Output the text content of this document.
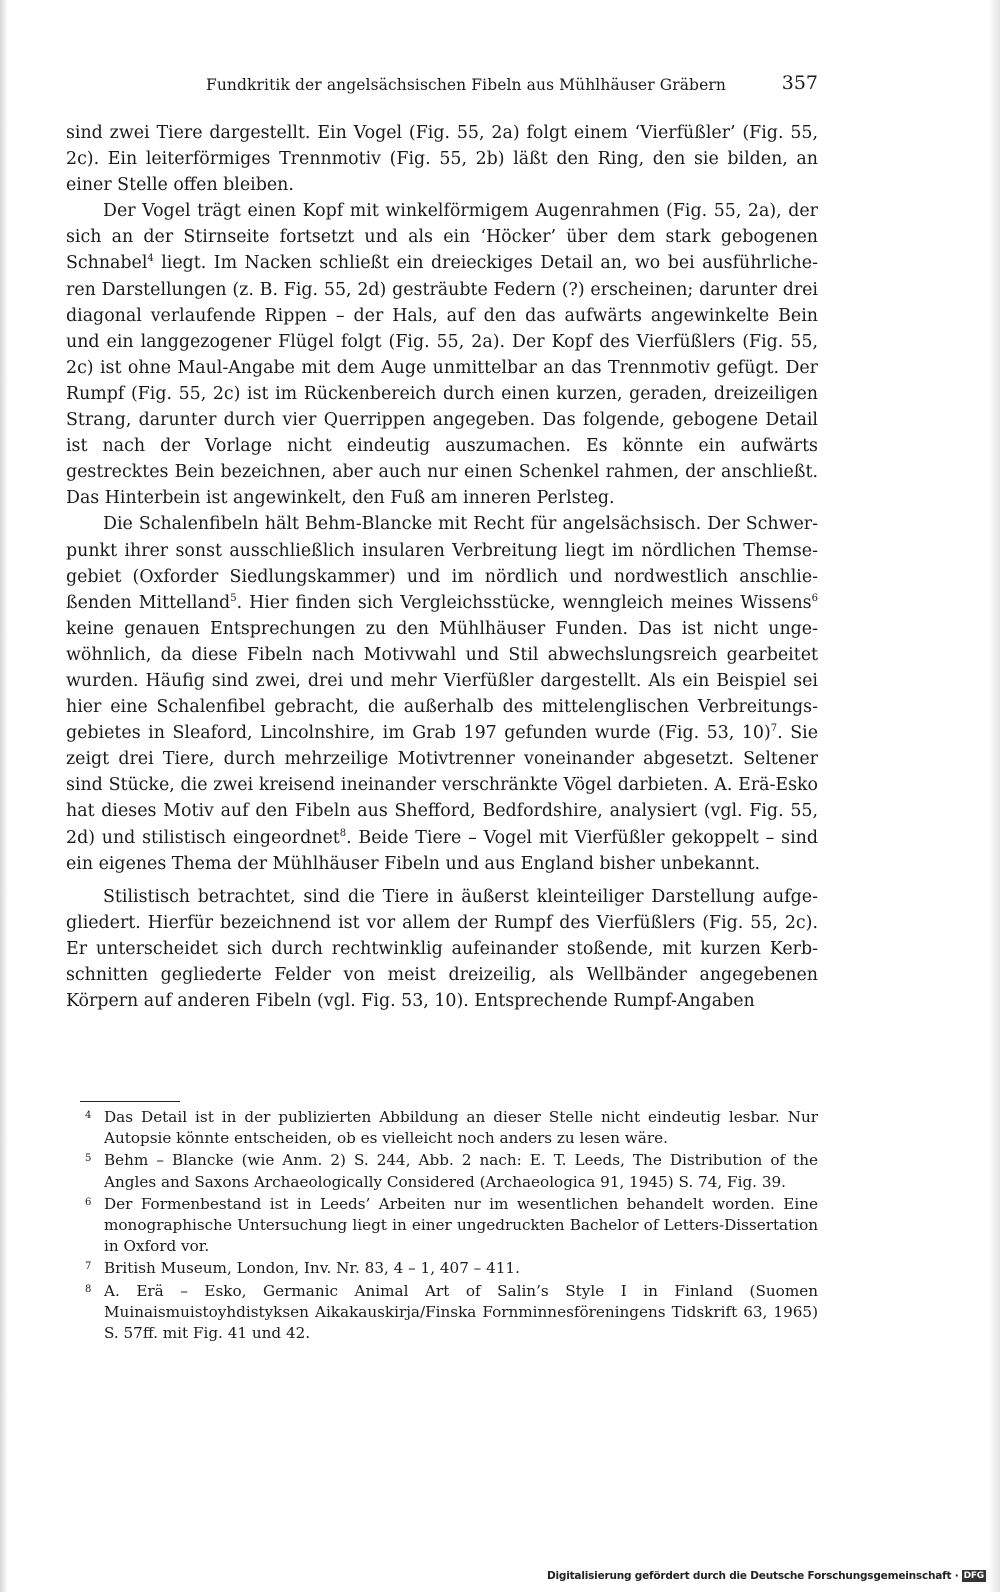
Fundkritik der angelsächsischen Fibeln aus Mühlhäuser Gräbern	357

sind zwei Tiere dargestellt. Ein Vogel (Fig. 55, 2a) folgt einem ‘Vierfüßler’ (Fig. 55, 2c). Ein leiterförmiges Trennmotiv (Fig. 55, 2b) läßt den Ring, den sie bilden, an einer Stelle offen bleiben.

Der Vogel trägt einen Kopf mit winkelförmigem Augenrahmen (Fig. 55, 2a), der sich an der Stirnseite fortsetzt und als ein ‘Höcker’ über dem stark gebogenen Schnabel$^4$ liegt. Im Nacken schließt ein dreieckiges Detail an, wo bei ausführlicheren Darstellungen (z. B. Fig. 55, 2d) gesträubte Federn (?) erscheinen; darunter drei diagonal verlaufende Rippen – der Hals, auf den das aufwärts angewinkelte Bein und ein langgezogener Flügel folgt (Fig. 55, 2a). Der Kopf des Vierfüßlers (Fig. 55, 2c) ist ohne Maul-Angabe mit dem Auge unmittelbar an das Trennmotiv gefügt. Der Rumpf (Fig. 55, 2c) ist im Rückenbereich durch einen kurzen, geraden, dreizeiligen Strang, darunter durch vier Querrippen angegeben. Das folgende, gebogene Detail ist nach der Vorlage nicht eindeutig auszumachen. Es könnte ein aufwärts gestrecktes Bein bezeichnen, aber auch nur einen Schenkel rahmen, der anschließt. Das Hinterbein ist angewinkelt, den Fuß am inneren Perlsteg.

Die Schalenfibeln hält Behm-Blancke mit Recht für angelsächsisch. Der Schwerpunkt ihrer sonst ausschließlich insularen Verbreitung liegt im nördlichen Themsegebiet (Oxforder Siedlungskammer) und im nördlich und nordwestlich anschließenden Mittelland$^5$. Hier finden sich Vergleichsstücke, wenngleich meines Wissens$^6$ keine genauen Entsprechungen zu den Mühlhäuser Funden. Das ist nicht ungewöhnlich, da diese Fibeln nach Motivwahl und Stil abwechslungsreich gearbeitet wurden. Häufig sind zwei, drei und mehr Vierfüßler dargestellt. Als ein Beispiel sei hier eine Schalenfibel gebracht, die außerhalb des mittelenglischen Verbreitungsgebietes in Sleaford, Lincolnshire, im Grab 197 gefunden wurde (Fig. 53, 10)$^7$. Sie zeigt drei Tiere, durch mehrzeilige Motivtrenner voneinander abgesetzt. Seltener sind Stücke, die zwei kreisend ineinander verschränkte Vögel darbieten. A. Erä-Esko hat dieses Motiv auf den Fibeln aus Shefford, Bedfordshire, analysiert (vgl. Fig. 55, 2d) und stilistisch eingeordnet$^8$. Beide Tiere – Vogel mit Vierfüßler gekoppelt – sind ein eigenes Thema der Mühlhäuser Fibeln und aus England bisher unbekannt.

Stilistisch betrachtet, sind die Tiere in äußerst kleinteiliger Darstellung aufgegliedert. Hierfür bezeichnend ist vor allem der Rumpf des Vierfüßlers (Fig. 55, 2c). Er unterscheidet sich durch rechtwinklig aufeinander stoßende, mit kurzen Kerbschnitten gegliederte Felder von meist dreizeilig, als Wellbänder angegebenen Körpern auf anderen Fibeln (vgl. Fig. 53, 10). Entsprechende Rumpf-Angaben

4 Das Detail ist in der publizierten Abbildung an dieser Stelle nicht eindeutig lesbar. Nur Autopsie könnte entscheiden, ob es vielleicht noch anders zu lesen wäre.
5 Behm – Blancke (wie Anm. 2) S. 244, Abb. 2 nach: E. T. Leeds, The Distribution of the Angles and Saxons Archaeologically Considered (Archaeologica 91, 1945) S. 74, Fig. 39.
6 Der Formenbestand ist in Leeds’ Arbeiten nur im wesentlichen behandelt worden. Eine monographische Untersuchung liegt in einer ungedruckten Bachelor of Letters-Dissertation in Oxford vor.
7 British Museum, London, Inv. Nr. 83, 4 – 1, 407 – 411.
8 A. Erä – Esko, Germanic Animal Art of Salin’s Style I in Finland (Suomen Muinaismuistoyhdistyksen Aikakauskirja/Finska Fornminnesföreningens Tidskrift 63, 1965) S. 57ff. mit Fig. 41 und 42.
Digitalisierung gefördert durch die Deutsche Forschungsgemeinschaft · DFG
